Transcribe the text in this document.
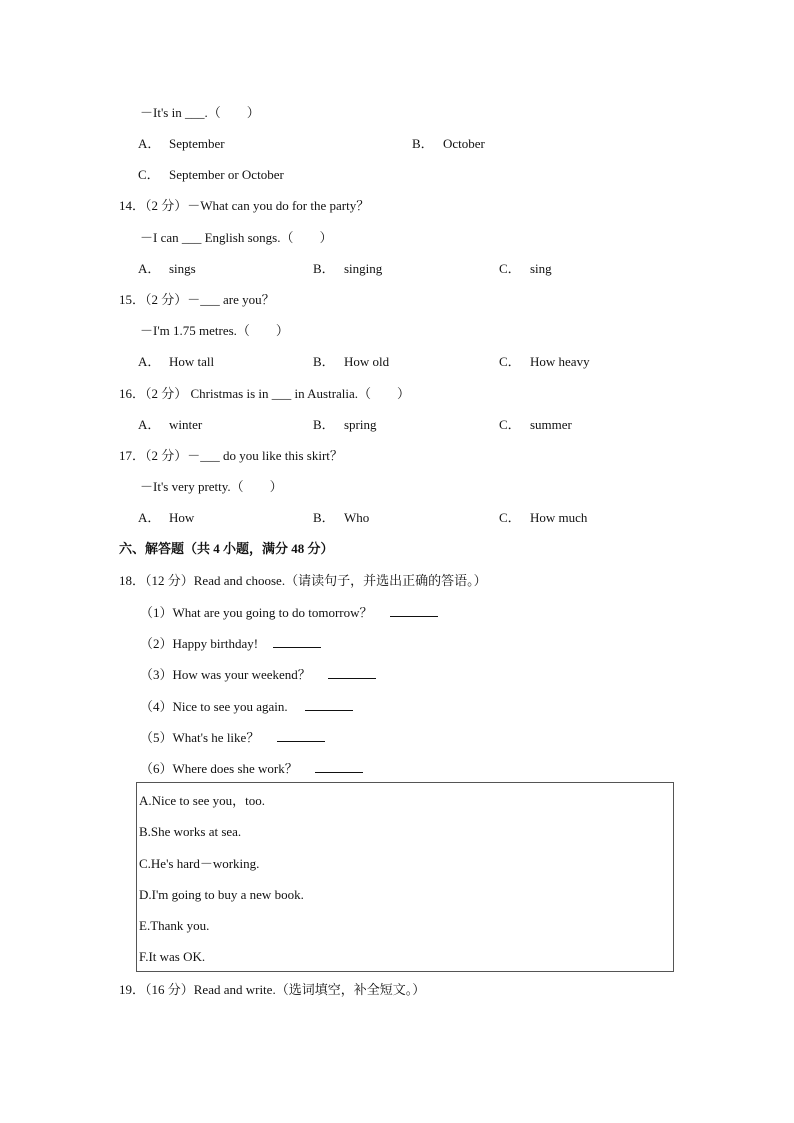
－It's in ___.（　　）
A． September	B． October
C． September or October
14．（2 分）－What can you do for the party？
－I can ___ English songs.（　　）
A． sings	B． singing	C． sing
15．（2 分）－___ are you？
－I'm 1.75 metres.（　　）
A． How tall	B． How old	C． How heavy
16．（2 分） Christmas is in ___ in Australia.（　　）
A． winter	B． spring	C． summer
17．（2 分）－___ do you like this skirt？
－It's very pretty.（　　）
A． How	B． Who	C． How much
六、解答题（共 4 小题，满分 48 分）
18．（12 分）Read and choose.（请读句子，并选出正确的答语。）
（1）What are you going to do tomorrow？
（2）Happy birthday!
（3）How was your weekend？
（4）Nice to see you again.
（5）What's he like？
（6）Where does she work？
A.Nice to see you，too.
B.She works at sea.
C.He's hard－working.
D.I'm going to buy a new book.
E.Thank you.
F.It was OK.
19．（16 分）Read and write.（选词填空，补全短文。）
